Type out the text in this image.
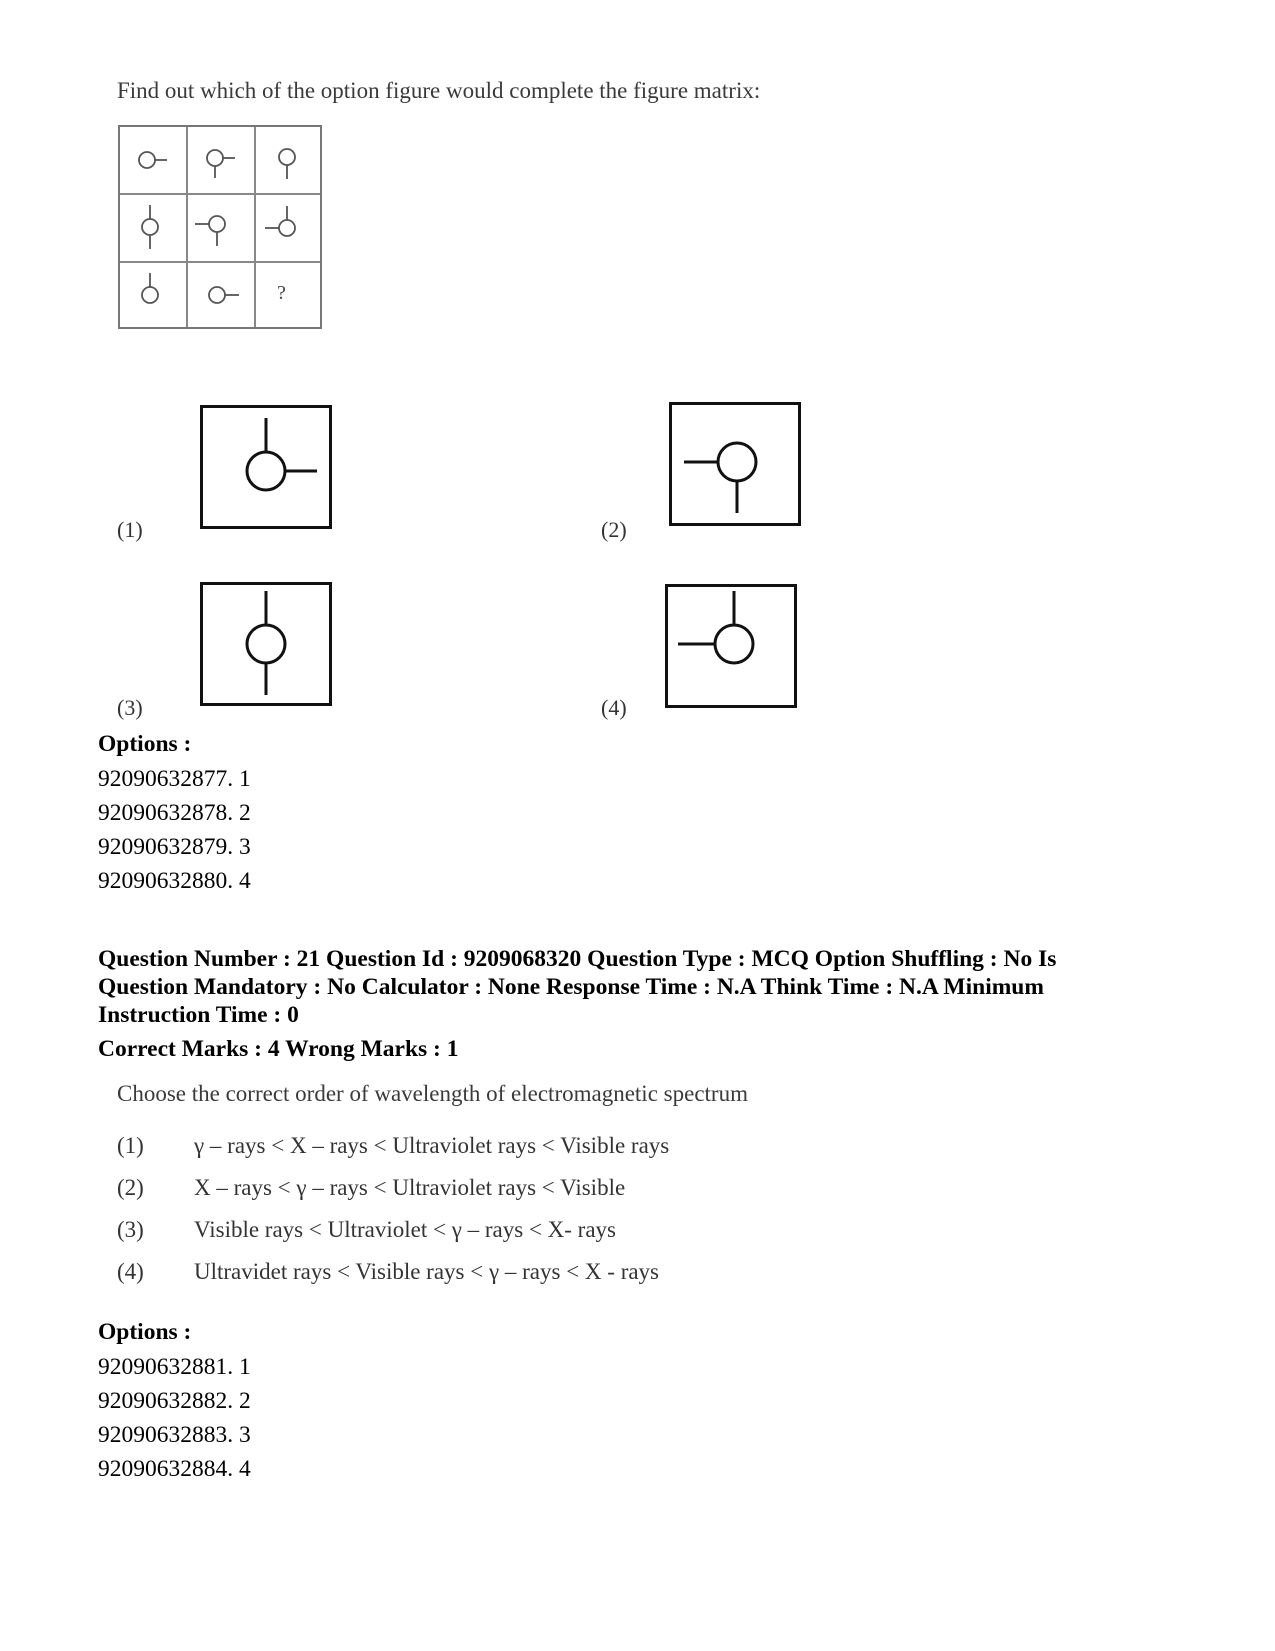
Find out which of the option figure would complete the figure matrix:
?
(1)	(2)
(3)	(4)
Options :
92090632877. 1
92090632878. 2
92090632879. 3
92090632880. 4
Question Number : 21 Question Id : 9209068320 Question Type : MCQ Option Shuffling : No Is
Question Mandatory : No Calculator : None Response Time : N.A Think Time : N.A Minimum
Instruction Time : 0
Correct Marks : 4 Wrong Marks : 1
Choose the correct order of wavelength of electromagnetic spectrum
(1) γ – rays < X – rays < Ultraviolet rays < Visible rays
(2) X – rays < γ – rays < Ultraviolet rays < Visible
(3) Visible rays < Ultraviolet < γ – rays < X- rays
(4) Ultravidet rays < Visible rays < γ – rays < X - rays
Options :
92090632881. 1
92090632882. 2
92090632883. 3
92090632884. 4
